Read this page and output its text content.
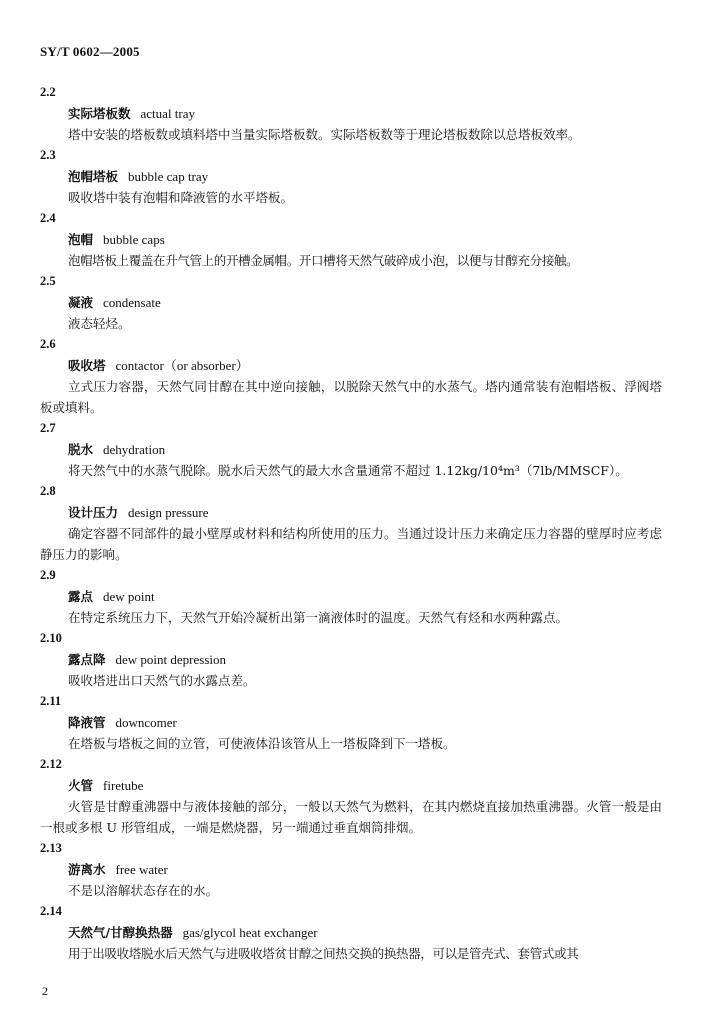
SY/T 0602—2005
2.2
实际塔板数 actual tray
塔中安装的塔板数或填料塔中当量实际塔板数。实际塔板数等于理论塔板数除以总塔板效率。
2.3
泡帽塔板 bubble cap tray
吸收塔中装有泡帽和降液管的水平塔板。
2.4
泡帽 bubble caps
泡帽塔板上覆盖在升气管上的开槽金属帽。开口槽将天然气破碎成小泡，以便与甘醇充分接触。
2.5
凝液 condensate
液态轻烃。
2.6
吸收塔 contactor（or absorber）
立式压力容器，天然气同甘醇在其中逆向接触，以脱除天然气中的水蒸气。塔内通常装有泡帽塔板、浮阀塔板或填料。
2.7
脱水 dehydration
将天然气中的水蒸气脱除。脱水后天然气的最大水含量通常不超过 1.12kg/10⁴m³（7lb/MMSCF）。
2.8
设计压力 design pressure
确定容器不同部件的最小壁厚或材料和结构所使用的压力。当通过设计压力来确定压力容器的壁厚时应考虑静压力的影响。
2.9
露点 dew point
在特定系统压力下，天然气开始冷凝析出第一滴液体时的温度。天然气有烃和水两种露点。
2.10
露点降 dew point depression
吸收塔进出口天然气的水露点差。
2.11
降液管 downcomer
在塔板与塔板之间的立管，可使液体沿该管从上一塔板降到下一塔板。
2.12
火管 firetube
火管是甘醇重沸器中与液体接触的部分，一般以天然气为燃料，在其内燃烧直接加热重沸器。火管一般是由一根或多根 U 形管组成，一端是燃烧器，另一端通过垂直烟筒排烟。
2.13
游离水 free water
不是以溶解状态存在的水。
2.14
天然气/甘醇换热器 gas/glycol heat exchanger
用于出吸收塔脱水后天然气与进吸收塔贫甘醇之间热交换的换热器，可以是管壳式、套管式或其
2
